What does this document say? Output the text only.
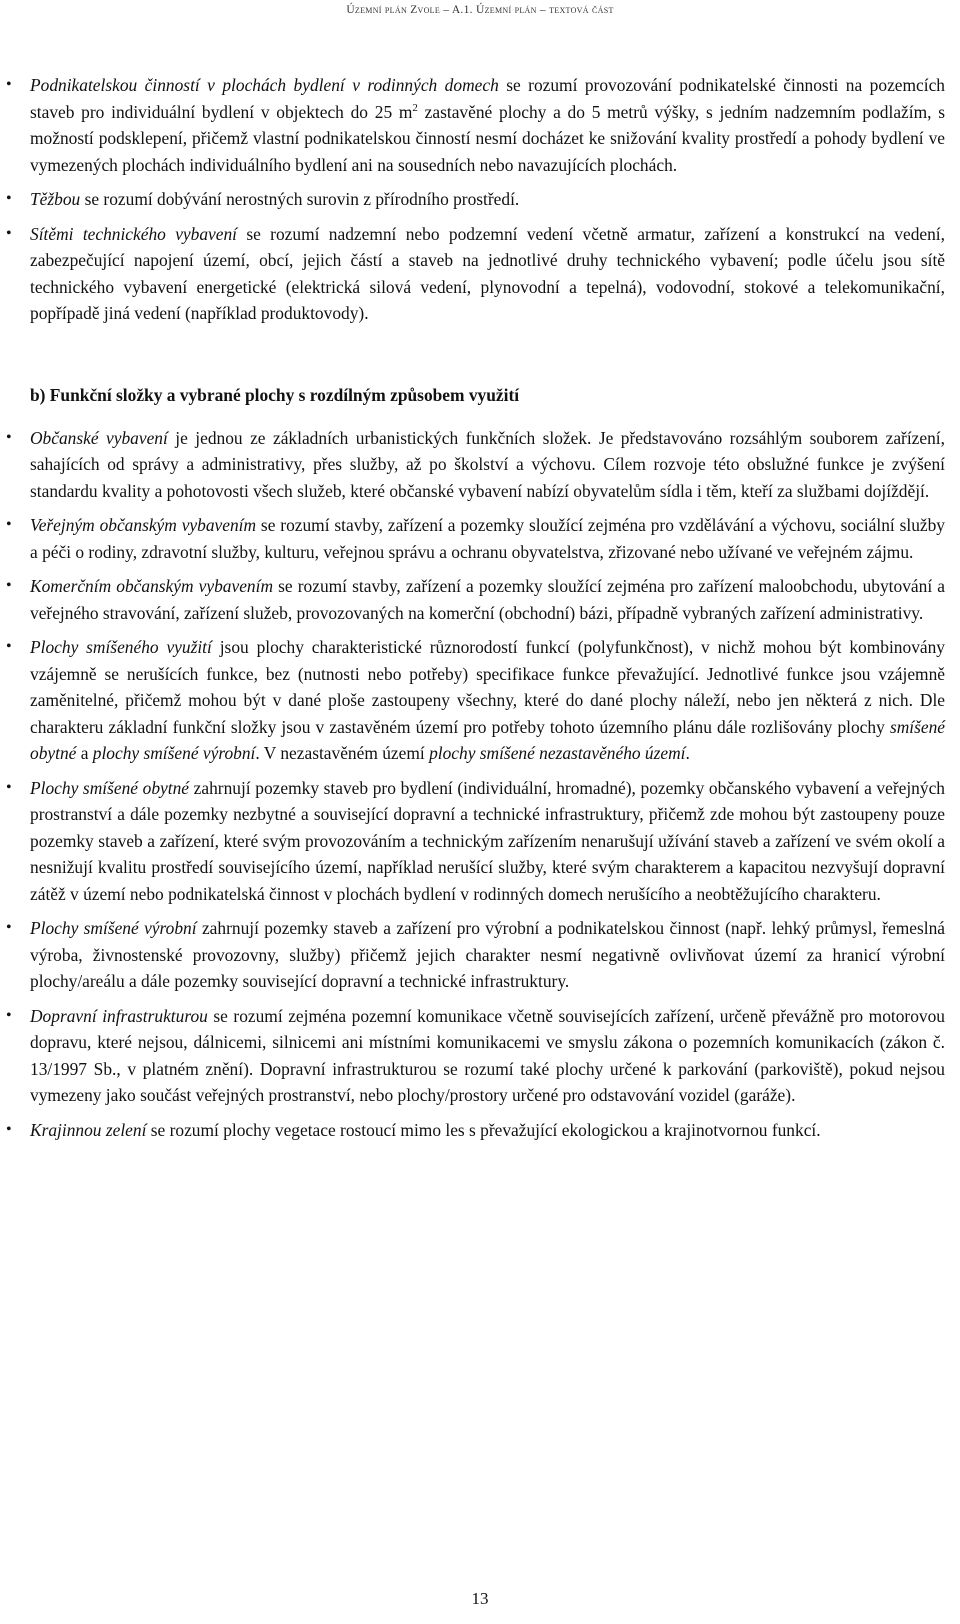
Územní plán Zvole – A.1. Územní plán – textová část
• Podnikatelskou činností v plochách bydlení v rodinných domech se rozumí provozování podnikatelské činnosti na pozemcích staveb pro individuální bydlení v objektech do 25 $m^2$ zastavěné plochy a do 5 metrů výšky, s jedním nadzemním podlažím, s možností podsklepení, přičemž vlastní podnikatelskou činností nesmí docházet ke snižování kvality prostředí a pohody bydlení ve vymezených plochách individuálního bydlení ani na sousedních nebo navazujících plochách.
• Těžbou se rozumí dobývání nerostných surovin z přírodního prostředí.
• Sítěmi technického vybavení se rozumí nadzemní nebo podzemní vedení včetně armatur, zařízení a konstrukcí na vedení, zabezpečující napojení území, obcí, jejich částí a staveb na jednotlivé druhy technického vybavení; podle účelu jsou sítě technického vybavení energetické (elektrická silová vedení, plynovodní a tepelná), vodovodní, stokové a telekomunikační, popřípadě jiná vedení (například produktovody).
b) Funkční složky a vybrané plochy s rozdílným způsobem využití
• Občanské vybavení je jednou ze základních urbanistických funkčních složek. Je představováno rozsáhlým souborem zařízení, sahajících od správy a administrativy, přes služby, až po školství a výchovu. Cílem rozvoje této obslužné funkce je zvýšení standardu kvality a pohotovosti všech služeb, které občanské vybavení nabízí obyvatelům sídla i těm, kteří za službami dojíždějí.
• Veřejným občanským vybavením se rozumí stavby, zařízení a pozemky sloužící zejména pro vzdělávání a výchovu, sociální služby a péči o rodiny, zdravotní služby, kulturu, veřejnou správu a ochranu obyvatelstva, zřizované nebo užívané ve veřejném zájmu.
• Komerčním občanským vybavením se rozumí stavby, zařízení a pozemky sloužící zejména pro zařízení maloobchodu, ubytování a veřejného stravování, zařízení služeb, provozovaných na komerční (obchodní) bázi, případně vybraných zařízení administrativy.
• Plochy smíšeného využití jsou plochy charakteristické různorodostí funkcí (polyfunkčnost), v nichž mohou být kombinovány vzájemně se nerušících funkce, bez (nutnosti nebo potřeby) specifikace funkce převažující. Jednotlivé funkce jsou vzájemně zaměnitelné, přičemž mohou být v dané ploše zastoupeny všechny, které do dané plochy náleží, nebo jen některá z nich. Dle charakteru základní funkční složky jsou v zastavěném území pro potřeby tohoto územního plánu dále rozlišovány plochy smíšené obytné a plochy smíšené výrobní. V nezastavěném území plochy smíšené nezastavěného území.
• Plochy smíšené obytné zahrnují pozemky staveb pro bydlení (individuální, hromadné), pozemky občanského vybavení a veřejných prostranství a dále pozemky nezbytné a související dopravní a technické infrastruktury, přičemž zde mohou být zastoupeny pouze pozemky staveb a zařízení, které svým provozováním a technickým zařízením nenarušují užívání staveb a zařízení ve svém okolí a nesnižují kvalitu prostředí souvisejícího území, například nerušící služby, které svým charakterem a kapacitou nezvyšují dopravní zátěž v území nebo podnikatelská činnost v plochách bydlení v rodinných domech nerušícího a neobtěžujícího charakteru.
• Plochy smíšené výrobní zahrnují pozemky staveb a zařízení pro výrobní a podnikatelskou činnost (např. lehký průmysl, řemeslná výroba, živnostenské provozovny, služby) přičemž jejich charakter nesmí negativně ovlivňovat území za hranicí výrobní plochy/areálu a dále pozemky související dopravní a technické infrastruktury.
• Dopravní infrastrukturou se rozumí zejména pozemní komunikace včetně souvisejících zařízení, určeně převážně pro motorovou dopravu, které nejsou, dálnicemi, silnicemi ani místními komunikacemi ve smyslu zákona o pozemních komunikacích (zákon č. 13/1997 Sb., v platném znění). Dopravní infrastrukturou se rozumí také plochy určené k parkování (parkoviště), pokud nejsou vymezeny jako součást veřejných prostranství, nebo plochy/prostory určené pro odstavování vozidel (garáže).
• Krajinnou zelení se rozumí plochy vegetace rostoucí mimo les s převažující ekologickou a krajinotvornou funkcí.
13
